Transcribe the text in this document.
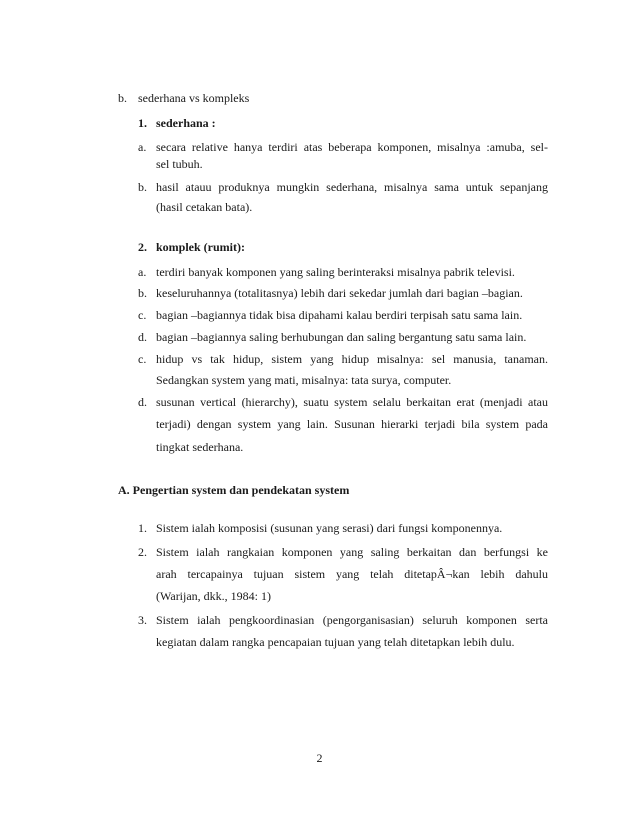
b. sederhana vs kompleks
1. sederhana :
a. secara relative hanya terdiri atas beberapa komponen, misalnya :amuba, sel-
sel tubuh.
b. hasil atauu produknya mungkin sederhana, misalnya sama untuk sepanjang
(hasil cetakan bata).
2. komplek (rumit):
a. terdiri banyak komponen yang saling berinteraksi misalnya pabrik televisi.
b. keseluruhannya (totalitasnya) lebih dari sekedar jumlah dari bagian –bagian.
c. bagian –bagiannya tidak bisa dipahami kalau berdiri terpisah satu sama lain.
d. bagian –bagiannya saling berhubungan dan saling bergantung satu sama lain.
c. hidup vs tak hidup, sistem yang hidup misalnya: sel manusia, tanaman.
Sedangkan system yang mati, misalnya: tata surya, computer.
d. susunan vertical (hierarchy), suatu system selalu berkaitan erat (menjadi atau
terjadi) dengan system yang lain. Susunan hierarki terjadi bila system pada
tingkat sederhana.
A. Pengertian system dan pendekatan system
1. Sistem ialah komposisi (susunan yang serasi) dari fungsi komponennya.
2. Sistem ialah rangkaian komponen yang saling berkaitan dan berfungsi ke
arah tercapainya tujuan sistem yang telah ditetapÂ¬kan lebih dahulu
(Warijan, dkk., 1984: 1)
3. Sistem ialah pengkoordinasian (pengorganisasian) seluruh komponen serta
kegiatan dalam rangka pencapaian tujuan yang telah ditetapkan lebih dulu.
2
